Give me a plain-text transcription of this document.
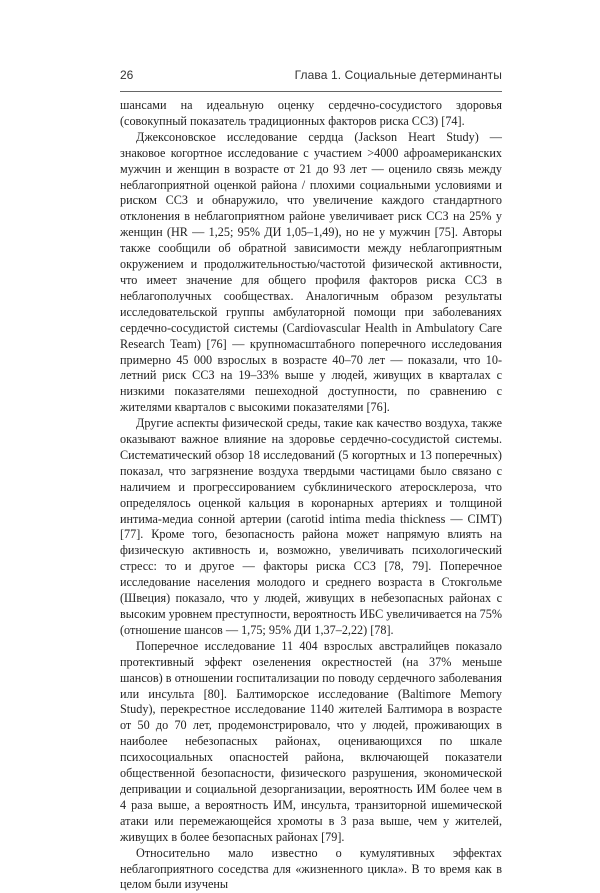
26	Глава 1. Социальные детерминанты

шансами на идеальную оценку сердечно-сосудистого здоровья (совокупный показатель традиционных факторов риска ССЗ) [74].

Джексоновское исследование сердца (Jackson Heart Study) — знаковое когортное исследование с участием >4000 афроамериканских мужчин и женщин в возрасте от 21 до 93 лет — оценило связь между неблагоприятной оценкой района / плохими социальными условиями и риском ССЗ и обнаружило, что увеличение каждого стандартного отклонения в неблагоприятном районе увеличивает риск ССЗ на 25% у женщин (HR — 1,25; 95% ДИ 1,05–1,49), но не у мужчин [75]. Авторы также сообщили об обратной зависимости между неблагоприятным окружением и продолжительностью/частотой физической активности, что имеет значение для общего профиля факторов риска ССЗ в неблагополучных сообществах. Аналогичным образом результаты исследовательской группы амбулаторной помощи при заболеваниях сердечно-сосудистой системы (Cardiovascular Health in Ambulatory Care Research Team) [76] — крупномасштабного поперечного исследования примерно 45 000 взрослых в возрасте 40–70 лет — показали, что 10-летний риск ССЗ на 19–33% выше у людей, живущих в кварталах с низкими показателями пешеходной доступности, по сравнению с жителями кварталов с высокими показателями [76].

Другие аспекты физической среды, такие как качество воздуха, также оказывают важное влияние на здоровье сердечно-сосудистой системы. Систематический обзор 18 исследований (5 когортных и 13 поперечных) показал, что загрязнение воздуха твердыми частицами было связано с наличием и прогрессированием субклинического атеросклероза, что определялось оценкой кальция в коронарных артериях и толщиной интима-медиа сонной артерии (carotid intima media thickness — CIMT) [77]. Кроме того, безопасность района может напрямую влиять на физическую активность и, возможно, увеличивать психологический стресс: то и другое — факторы риска ССЗ [78, 79]. Поперечное исследование населения молодого и среднего возраста в Стокгольме (Швеция) показало, что у людей, живущих в небезопасных районах с высоким уровнем преступности, вероятность ИБС увеличивается на 75% (отношение шансов — 1,75; 95% ДИ 1,37–2,22) [78].

Поперечное исследование 11 404 взрослых австралийцев показало протективный эффект озеленения окрестностей (на 37% меньше шансов) в отношении госпитализации по поводу сердечного заболевания или инсульта [80]. Балтиморское исследование (Baltimore Memory Study), перекрестное исследование 1140 жителей Балтимора в возрасте от 50 до 70 лет, продемонстрировало, что у людей, проживающих в наиболее небезопасных районах, оценивающихся по шкале психосоциальных опасностей района, включающей показатели общественной безопасности, физического разрушения, экономической депривации и социальной дезорганизации, вероятность ИМ более чем в 4 раза выше, а вероятность ИМ, инсульта, транзиторной ишемической атаки или перемежающейся хромоты в 3 раза выше, чем у жителей, живущих в более безопасных районах [79].

Относительно мало известно о кумулятивных эффектах неблагоприятного соседства для «жизненного цикла». В то время как в целом были изучены
